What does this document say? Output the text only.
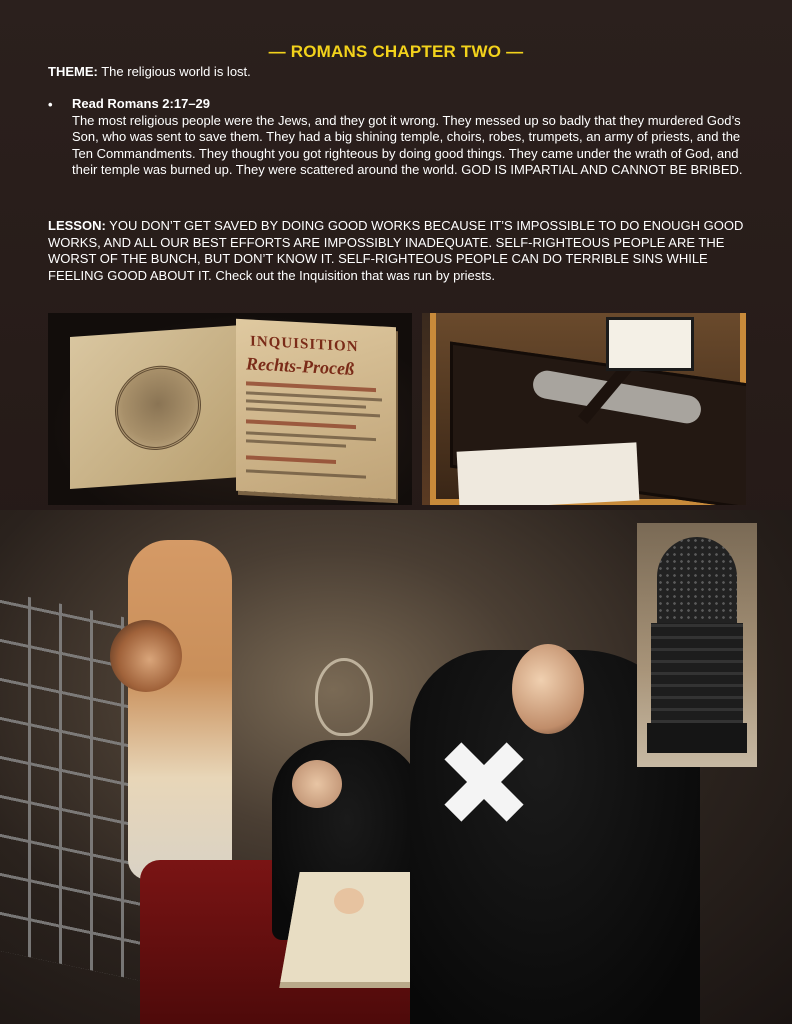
— ROMANS CHAPTER TWO —
THEME: The religious world is lost.
• Read Romans 2:17–29
The most religious people were the Jews, and they got it wrong. They messed up so badly that they murdered God’s Son, who was sent to save them. They had a big shining temple, choirs, robes, trumpets, an army of priests, and the Ten Commandments. They thought you got righteous by doing good things. They came under the wrath of God, and their temple was burned up. They were scattered around the world. GOD IS IMPARTIAL AND CANNOT BE BRIBED.
LESSON: YOU DON’T GET SAVED BY DOING GOOD WORKS BECAUSE IT’S IMPOSSIBLE TO DO ENOUGH GOOD WORKS, AND ALL OUR BEST EFFORTS ARE IMPOSSIBLY INADEQUATE. SELF-RIGHTEOUS PEOPLE ARE THE WORST OF THE BUNCH, BUT DON’T KNOW IT. SELF-RIGHTEOUS PEOPLE CAN DO TERRIBLE SINS WHILE FEELING GOOD ABOUT IT. Check out the Inquisition that was run by priests.
INQUISITION
Rechts-Proceß
